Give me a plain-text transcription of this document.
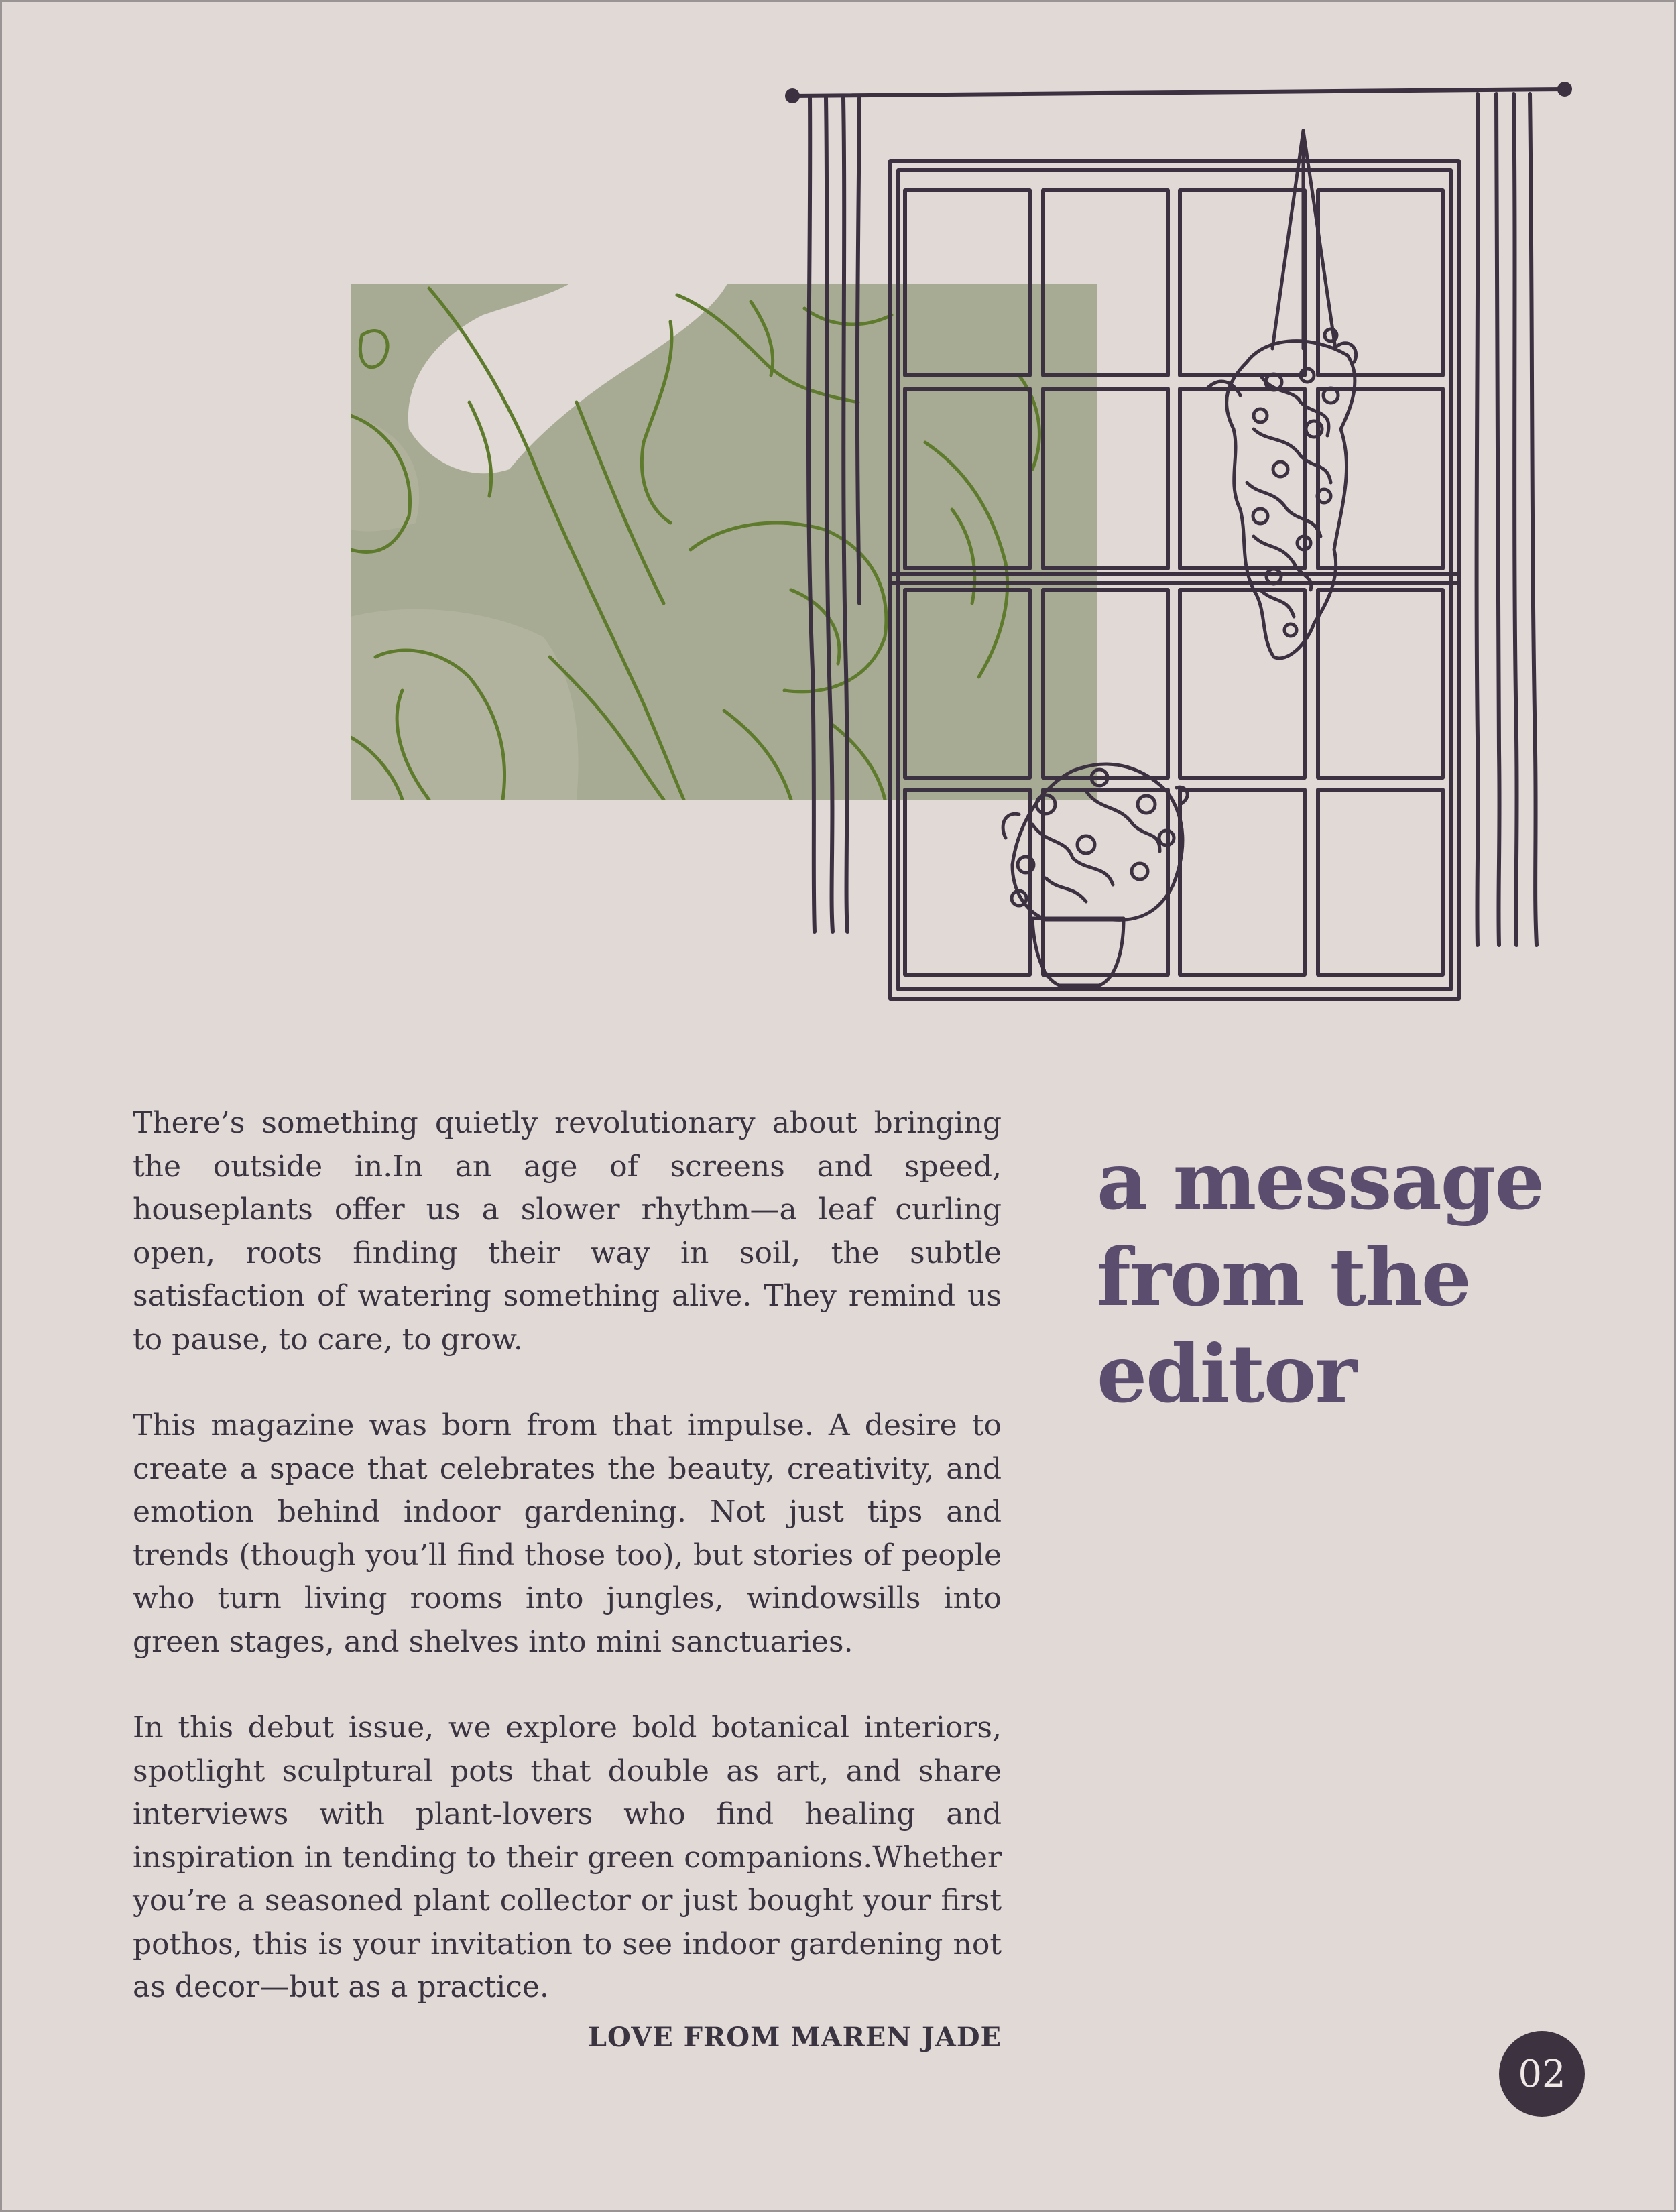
There’s something quietly revolutionary about bringing the outside in.In an age of screens and speed, houseplants offer us a slower rhythm—a leaf curling open, roots finding their way in soil, the subtle satisfaction of watering something alive. They remind us to pause, to care, to grow.

This magazine was born from that impulse. A desire to create a space that celebrates the beauty, creativity, and emotion behind indoor gardening. Not just tips and trends (though you’ll find those too), but stories of people who turn living rooms into jungles, windowsills into green stages, and shelves into mini sanctuaries.

In this debut issue, we explore bold botanical interiors, spotlight sculptural pots that double as art, and share interviews with plant-lovers who find healing and inspiration in tending to their green companions.Whether you’re a seasoned plant collector or just bought your first pothos, this is your invitation to see indoor gardening not as decor—but as a practice.

LOVE FROM MAREN JADE
a message from the editor
02
